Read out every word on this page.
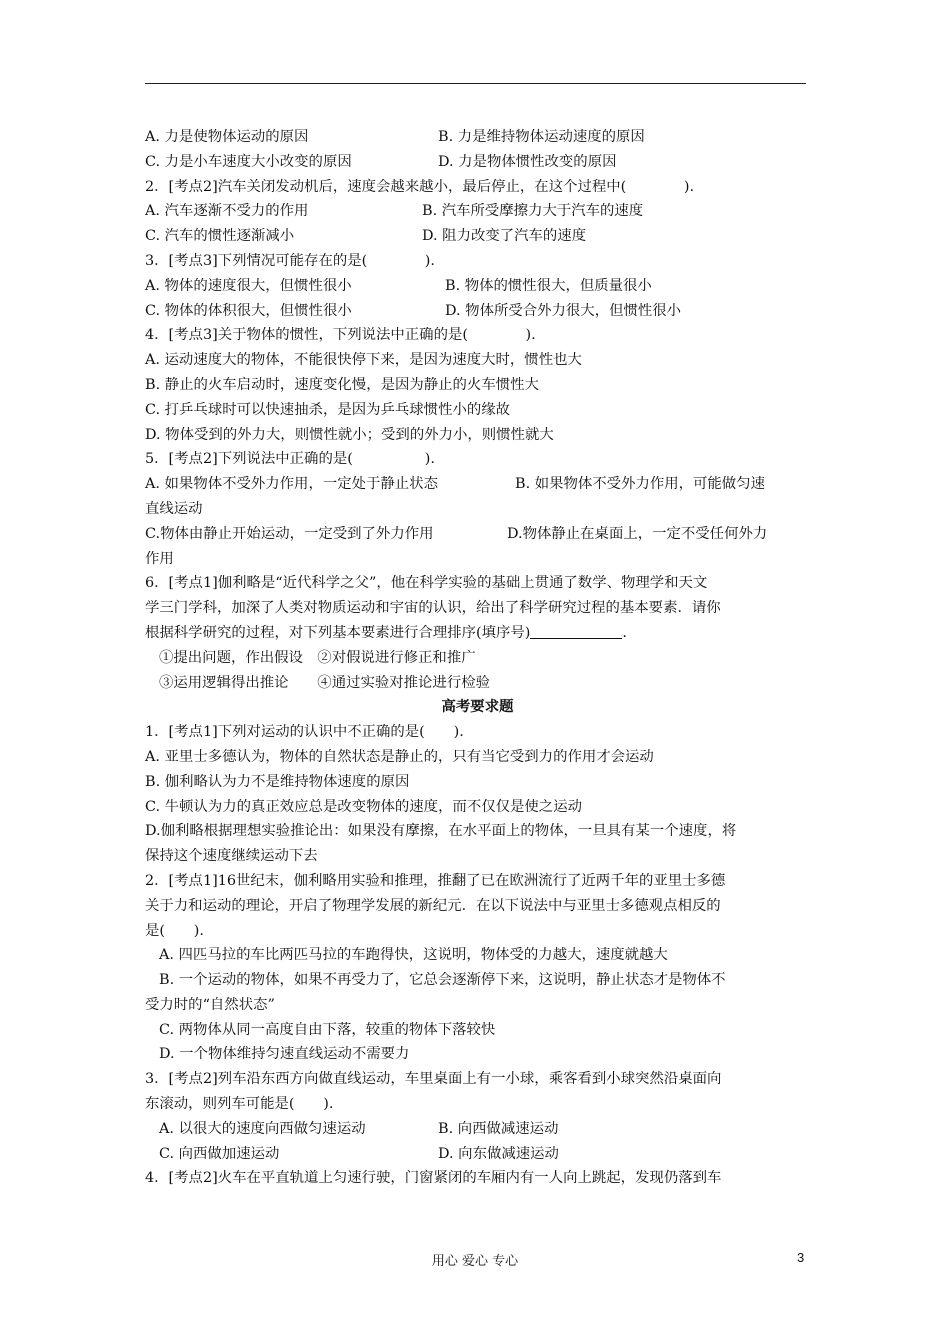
A. 力是使物体运动的原因	B. 力是维持物体运动速度的原因
C. 力是小车速度大小改变的原因	D. 力是物体惯性改变的原因
2．[考点2]汽车关闭发动机后，速度会越来越小，最后停止，在这个过程中(　　　　).
A. 汽车逐渐不受力的作用	B. 汽车所受摩擦力大于汽车的速度
C. 汽车的惯性逐渐减小	D. 阻力改变了汽车的速度
3．[考点3]下列情况可能存在的是(　　　　).
A. 物体的速度很大，但惯性很小	B. 物体的惯性很大，但质量很小
C. 物体的体积很大，但惯性很小	D. 物体所受合外力很大，但惯性很小
4．[考点3]关于物体的惯性，下列说法中正确的是(　　　　).
A. 运动速度大的物体，不能很快停下来，是因为速度大时，惯性也大
B. 静止的火车启动时，速度变化慢，是因为静止的火车惯性大
C. 打乒乓球时可以快速抽杀，是因为乒乓球惯性小的缘故
D. 物体受到的外力大，则惯性就小；受到的外力小，则惯性就大
5．[考点2]下列说法中正确的是(　　　　　).
A. 如果物体不受外力作用，一定处于静止状态	B. 如果物体不受外力作用，可能做匀速
直线运动
C.物体由静止开始运动，一定受到了外力作用	D.物体静止在桌面上，一定不受任何外力
作用
6．[考点1]伽利略是“近代科学之父”，他在科学实验的基础上贯通了数学、物理学和天文
学三门学科，加深了人类对物质运动和宇宙的认识，给出了科学研究过程的基本要素．请你
根据科学研究的过程，对下列基本要素进行合理排序(填序号)	.
①提出问题，作出假设　②对假说进行修正和推广
③运用逻辑得出推论　　④通过实验对推论进行检验
高考要求题
1．[考点1]下列对运动的认识中不正确的是(　　).
A. 亚里士多德认为，物体的自然状态是静止的，只有当它受到力的作用才会运动
B. 伽利略认为力不是维持物体速度的原因
C. 牛顿认为力的真正效应总是改变物体的速度，而不仅仅是使之运动
D.伽利略根据理想实验推论出：如果没有摩擦，在水平面上的物体，一旦具有某一个速度，将
保持这个速度继续运动下去
2．[考点1]16世纪末，伽利略用实验和推理，推翻了已在欧洲流行了近两千年的亚里士多德
关于力和运动的理论，开启了物理学发展的新纪元．在以下说法中与亚里士多德观点相反的
是(　　).
A. 四匹马拉的车比两匹马拉的车跑得快，这说明，物体受的力越大，速度就越大
B. 一个运动的物体，如果不再受力了，它总会逐渐停下来，这说明，静止状态才是物体不
受力时的“自然状态”
C. 两物体从同一高度自由下落，较重的物体下落较快
D. 一个物体维持匀速直线运动不需要力
3．[考点2]列车沿东西方向做直线运动，车里桌面上有一小球，乘客看到小球突然沿桌面向
东滚动，则列车可能是(　　).
A. 以很大的速度向西做匀速运动	B. 向西做减速运动
C. 向西做加速运动	D. 向东做减速运动
4．[考点2]火车在平直轨道上匀速行驶，门窗紧闭的车厢内有一人向上跳起，发现仍落到车
用心 爱心 专心	3
